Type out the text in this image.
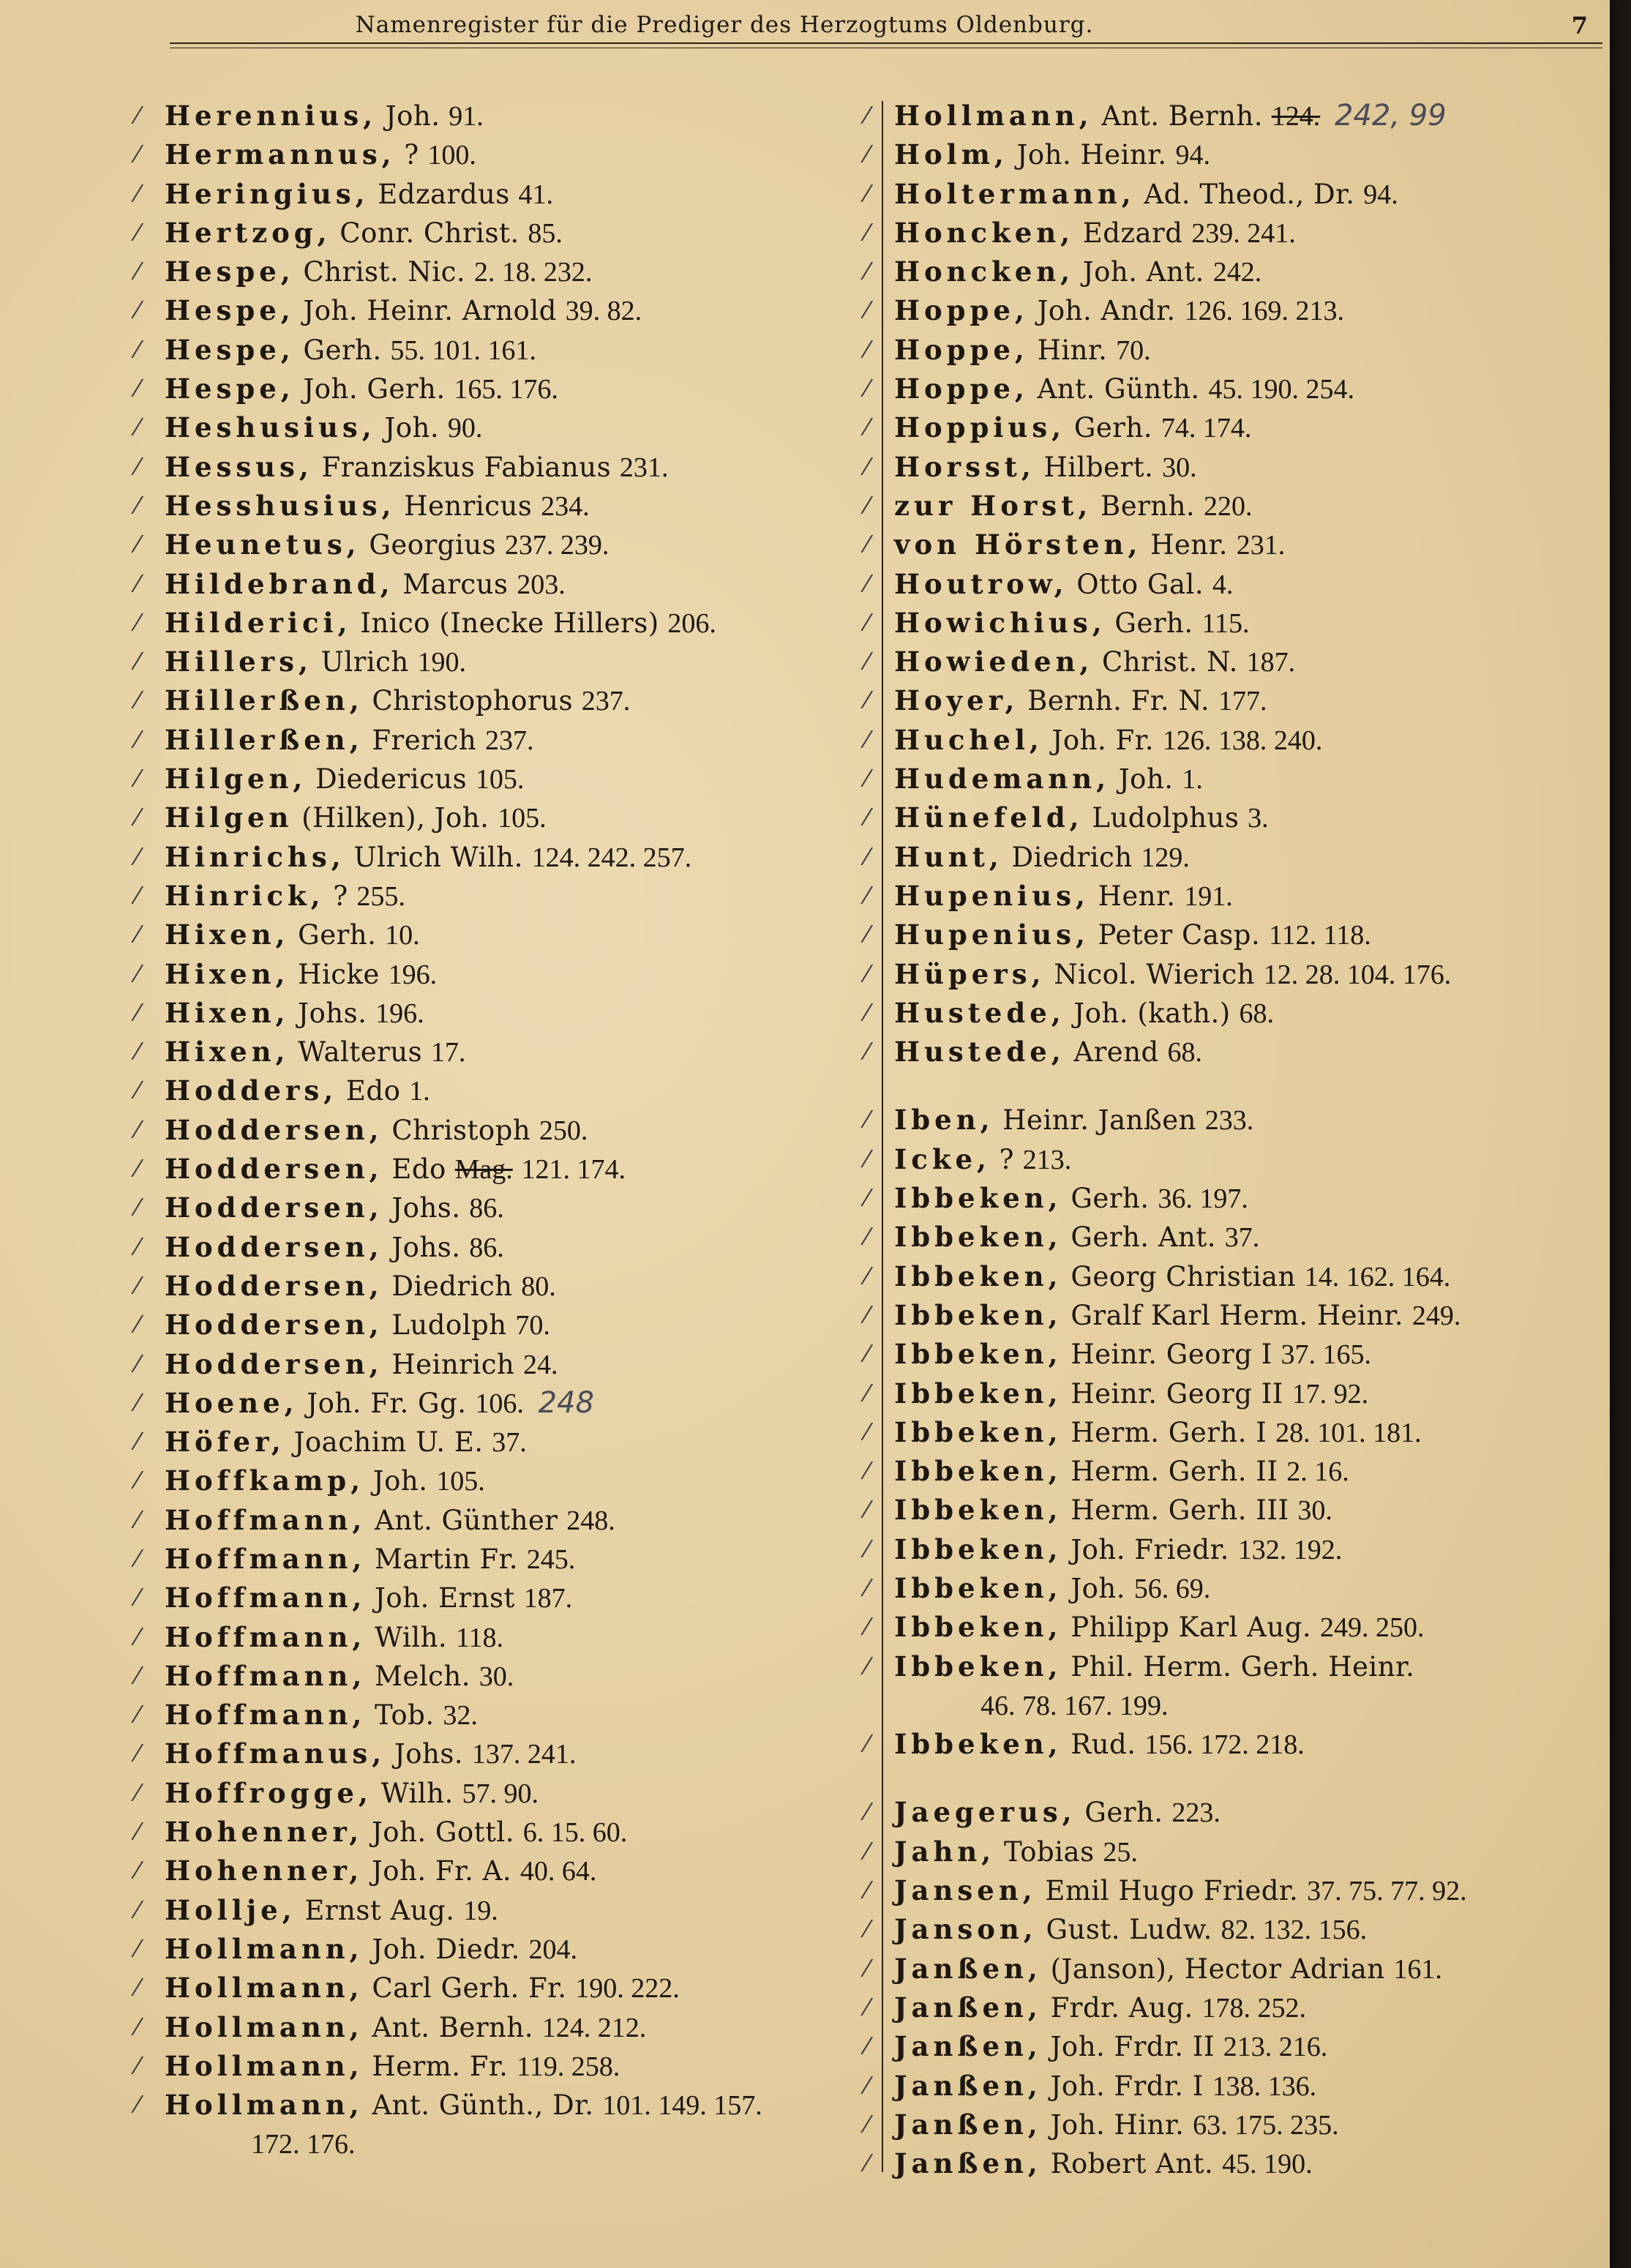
Namenregister für die Prediger des Herzogtums Oldenburg.	7
⁄ Herennius, Joh. 91.
⁄ Hermannus, ? 100.
⁄ Heringius, Edzardus 41.
⁄ Hertzog, Conr. Christ. 85.
⁄ Hespe, Christ. Nic. 2. 18. 232.
⁄ Hespe, Joh. Heinr. Arnold 39. 82.
⁄ Hespe, Gerh. 55. 101. 161.
⁄ Hespe, Joh. Gerh. 165. 176.
⁄ Heshusius, Joh. 90.
⁄ Hessus, Franziskus Fabianus 231.
⁄ Hesshusius, Henricus 234.
⁄ Heunetus, Georgius 237. 239.
⁄ Hildebrand, Marcus 203.
⁄ Hilderici, Inico (Inecke Hillers) 206.
⁄ Hillers, Ulrich 190.
⁄ Hillerßen, Christophorus 237.
⁄ Hillerßen, Frerich 237.
⁄ Hilgen, Diedericus 105.
⁄ Hilgen (Hilken), Joh. 105.
⁄ Hinrichs, Ulrich Wilh. 124. 242. 257.
⁄ Hinrick, ? 255.
⁄ Hixen, Gerh. 10.
⁄ Hixen, Hicke 196.
⁄ Hixen, Johs. 196.
⁄ Hixen, Walterus 17.
⁄ Hodders, Edo 1.
⁄ Hoddersen, Christoph 250.
⁄ Hoddersen, Edo Mag. 121. 174.
⁄ Hoddersen, Johs. 86.
⁄ Hoddersen, Johs. 86.
⁄ Hoddersen, Diedrich 80.
⁄ Hoddersen, Ludolph 70.
⁄ Hoddersen, Heinrich 24.
⁄ Hoene, Joh. Fr. Gg. 106. 248
⁄ Höfer, Joachim U. E. 37.
⁄ Hoffkamp, Joh. 105.
⁄ Hoffmann, Ant. Günther 248.
⁄ Hoffmann, Martin Fr. 245.
⁄ Hoffmann, Joh. Ernst 187.
⁄ Hoffmann, Wilh. 118.
⁄ Hoffmann, Melch. 30.
⁄ Hoffmann, Tob. 32.
⁄ Hoffmanus, Johs. 137. 241.
⁄ Hoffrogge, Wilh. 57. 90.
⁄ Hohenner, Joh. Gottl. 6. 15. 60.
⁄ Hohenner, Joh. Fr. A. 40. 64.
⁄ Hollje, Ernst Aug. 19.
⁄ Hollmann, Joh. Diedr. 204.
⁄ Hollmann, Carl Gerh. Fr. 190. 222.
⁄ Hollmann, Ant. Bernh. 124. 212.
⁄ Hollmann, Herm. Fr. 119. 258.
⁄ Hollmann, Ant. Günth., Dr. 101. 149. 157.
172. 176.
⁄ Hollmann, Ant. Bernh. 124. 242, 99
⁄ Holm, Joh. Heinr. 94.
⁄ Holtermann, Ad. Theod., Dr. 94.
⁄ Honcken, Edzard 239. 241.
⁄ Honcken, Joh. Ant. 242.
⁄ Hoppe, Joh. Andr. 126. 169. 213.
⁄ Hoppe, Hinr. 70.
⁄ Hoppe, Ant. Günth. 45. 190. 254.
⁄ Hoppius, Gerh. 74. 174.
⁄ Horsst, Hilbert. 30.
⁄ zur Horst, Bernh. 220.
⁄ von Hörsten, Henr. 231.
⁄ Houtrow, Otto Gal. 4.
⁄ Howichius, Gerh. 115.
⁄ Howieden, Christ. N. 187.
⁄ Hoyer, Bernh. Fr. N. 177.
⁄ Huchel, Joh. Fr. 126. 138. 240.
⁄ Hudemann, Joh. 1.
⁄ Hünefeld, Ludolphus 3.
⁄ Hunt, Diedrich 129.
⁄ Hupenius, Henr. 191.
⁄ Hupenius, Peter Casp. 112. 118.
⁄ Hüpers, Nicol. Wierich 12. 28. 104. 176.
⁄ Hustede, Joh. (kath.) 68.
⁄ Hustede, Arend 68.
⁄ Iben, Heinr. Janßen 233.
⁄ Icke, ? 213.
⁄ Ibbeken, Gerh. 36. 197.
⁄ Ibbeken, Gerh. Ant. 37.
⁄ Ibbeken, Georg Christian 14. 162. 164.
⁄ Ibbeken, Gralf Karl Herm. Heinr. 249.
⁄ Ibbeken, Heinr. Georg I 37. 165.
⁄ Ibbeken, Heinr. Georg II 17. 92.
⁄ Ibbeken, Herm. Gerh. I 28. 101. 181.
⁄ Ibbeken, Herm. Gerh. II 2. 16.
⁄ Ibbeken, Herm. Gerh. III 30.
⁄ Ibbeken, Joh. Friedr. 132. 192.
⁄ Ibbeken, Joh. 56. 69.
⁄ Ibbeken, Philipp Karl Aug. 249. 250.
⁄ Ibbeken, Phil. Herm. Gerh. Heinr.
46. 78. 167. 199.
⁄ Ibbeken, Rud. 156. 172. 218.
⁄ Jaegerus, Gerh. 223.
⁄ Jahn, Tobias 25.
⁄ Jansen, Emil Hugo Friedr. 37. 75. 77. 92.
⁄ Janson, Gust. Ludw. 82. 132. 156.
⁄ Janßen, (Janson), Hector Adrian 161.
⁄ Janßen, Frdr. Aug. 178. 252.
⁄ Janßen, Joh. Frdr. II 213. 216.
⁄ Janßen, Joh. Frdr. I 138. 136.
⁄ Janßen, Joh. Hinr. 63. 175. 235.
⁄ Janßen, Robert Ant. 45. 190.
